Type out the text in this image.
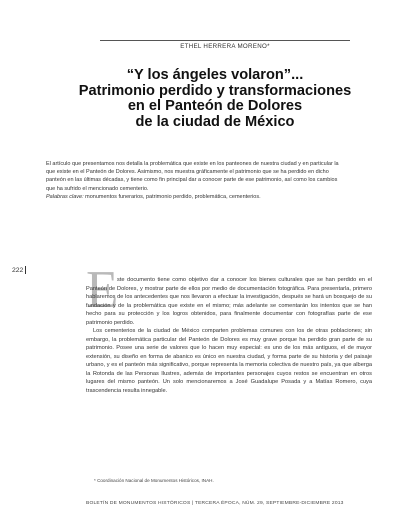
ETHEL HERRERA MORENO*
“Y los ángeles volaron”...
Patrimonio perdido y transformaciones
en el Panteón de Dolores
de la ciudad de México

El artículo que presentamos nos detalla la problemática que existe en los panteones de nuestra ciudad y en particular la que existe en el Panteón de Dolores. Asimismo, nos muestra gráficamente el patrimonio que se ha perdido en dicho panteón en las últimas décadas, y tiene como fin principal dar a conocer parte de ese patrimonio, así como los cambios que ha sufrido el mencionado cementerio.

Palabras clave: monumentos funerarios, patrimonio perdido, problemática, cementerios.

222 E

ste documento tiene como objetivo dar a conocer los bienes culturales que se han perdido en el Panteón de Dolores, y mostrar parte de ellos por medio de documentación fotográfica. Para presentarla, primero hablaremos de los antecedentes que nos llevaron a efectuar la investigación, después se hará un bosquejo de su fundación y de la problemática que existe en el mismo; más adelante se comentarán los intentos que se han hecho para su protección y los logros obtenidos, para finalmente documentar con fotografías parte de ese patrimonio perdido.

Los cementerios de la ciudad de México comparten problemas comunes con los de otras poblaciones; sin embargo, la problemática particular del Panteón de Dolores es muy grave porque ha perdido gran parte de su patrimonio. Posee una serie de valores que lo hacen muy especial: es uno de los más antiguos, el de mayor extensión, su diseño en forma de abanico es único en nuestra ciudad, y forma parte de su historia y del paisaje urbano, y es el panteón más significativo, porque representa la memoria colectiva de nuestro país, ya que alberga la Rotonda de las Personas Ilustres, además de importantes personajes cuyos restos se encuentran en otros lugares del mismo panteón. Un solo mencionaremos a José Guadalupe Posada y a Matías Romero, cuya trascendencia resulta innegable.

* Coordinación Nacional de Monumentos Históricos, INAH.
BOLETÍN DE MONUMENTOS HISTÓRICOS | TERCERA ÉPOCA, NÚM. 29, SEPTIEMBRE-DICIEMBRE 2013
